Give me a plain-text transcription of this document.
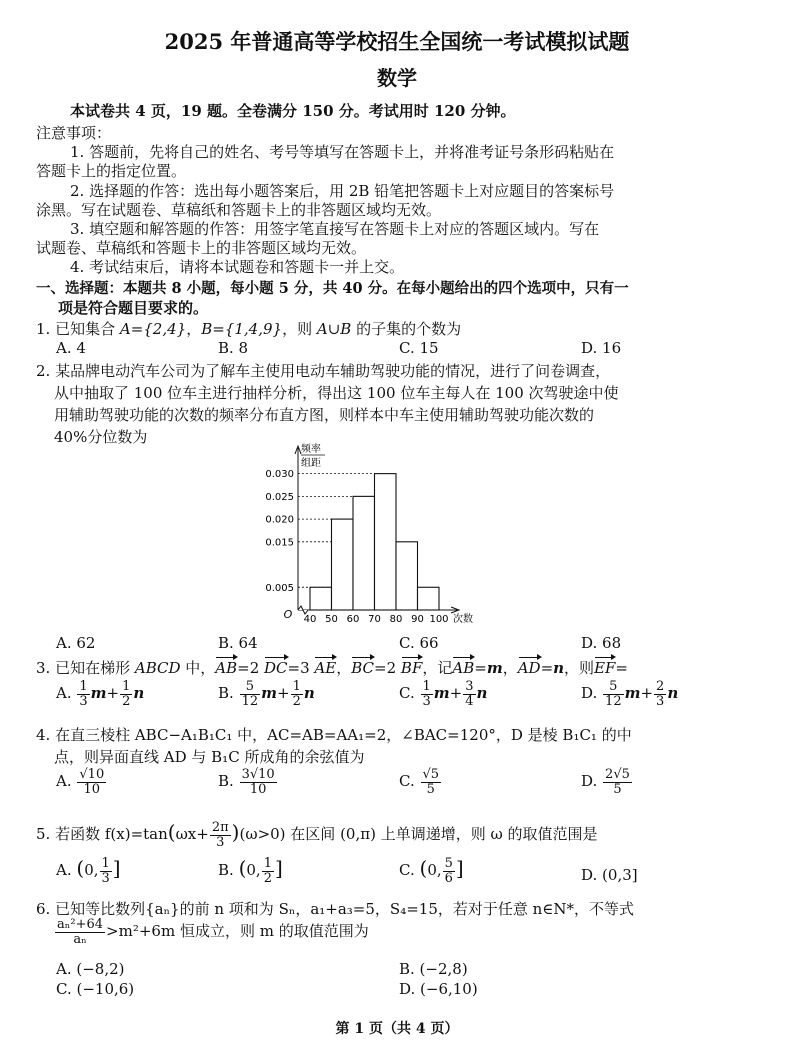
2025 年普通高等学校招生全国统一考试模拟试题
数学
本试卷共 4 页，19 题。全卷满分 150 分。考试用时 120 分钟。
注意事项：
1. 答题前，先将自己的姓名、考号等填写在答题卡上，并将准考证号条形码粘贴在
答题卡上的指定位置。
2. 选择题的作答：选出每小题答案后，用 2B 铅笔把答题卡上对应题目的答案标号
涂黑。写在试题卷、草稿纸和答题卡上的非答题区域均无效。
3. 填空题和解答题的作答：用签字笔直接写在答题卡上对应的答题区域内。写在
试题卷、草稿纸和答题卡上的非答题区域均无效。
4. 考试结束后，请将本试题卷和答题卡一并上交。
一、选择题：本题共 8 小题，每小题 5 分，共 40 分。在每小题给出的四个选项中，只有一
项是符合题目要求的。
1. 已知集合 A={2,4}，B={1,4,9}，则 A∪B 的子集的个数为
A. 4	B. 8	C. 15	D. 16
2. 某品牌电动汽车公司为了解车主使用电动车辅助驾驶功能的情况，进行了问卷调查，
从中抽取了 100 位车主进行抽样分析，得出这 100 位车主每人在 100 次驾驶途中使
用辅助驾驶功能的次数的频率分布直方图，则样本中车主使用辅助驾驶功能次数的
40%分位数为
0.005
0.015
0.020
0.025
0.030
40 50 60 70 80 90 100 次数
O
频率
组距
A. 62	B. 64	C. 66	D. 68
3. 已知在梯形 ABCD 中，AB=2 DC=3 AE，BC=2 BF，记AB=m，AD=n，则EF=
A. $\frac{1}{3} m+ \frac{1}{2}$ n	B. $\frac{5}{12} m+ \frac{1}{2}$ n	C. $\frac{1}{3} m+ \frac{3}{4}$ n	D. $\frac{5}{12} m+ \frac{2}{3}$ n
4. 在直三棱柱 ABC−A₁B₁C₁ 中，AC=AB=AA₁=2，∠BAC=120°，D 是棱 B₁C₁ 的中
点，则异面直线 AD 与 B₁C 所成角的余弦值为
A. $\frac{√10}{10}$	B. $\frac{3√10}{10}$	C. $\frac{√5}{5}$	D. $\frac{2√5}{5}$
5. 若函数 $f(x)=\tan(\omega x+ \frac{2\pi}{3} )(\omega>0)$ 在区间 (0,π) 上单调递增，则 ω 的取值范围是
A. (0, $\frac{1}{3}$ ]	B. (0, $\frac{1}{2}$ ]	C. (0, $\frac{5}{6}$ ]	D. (0,3]
6. 已知等比数列{aₙ}的前 n 项和为 Sₙ，a₁+a₃=5，S₄=15，若对于任意 n∈N*，不等式
$\frac{\text{aₙ²+64}}{\text{aₙ}} >m^2+6m$ 恒成立，则 m 的取值范围为
A. (−8,2)	B. (−2,8)
C. (−10,6)	D. (−6,10)
第 1 页（共 4 页）
